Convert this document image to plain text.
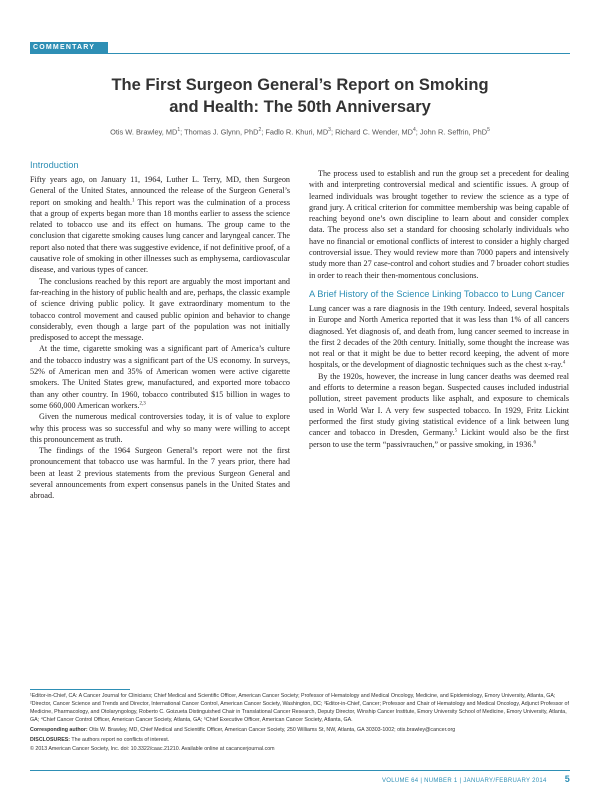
COMMENTARY
The First Surgeon General’s Report on Smoking
and Health: The 50th Anniversary
Otis W. Brawley, $MD^1$; Thomas J. Glynn, PhD$^2$; Fadlo R. Khuri, $MD^3$; Richard C. Wender, $MD^4$; John R. Seffrin, PhD$^5$
Introduction

Fifty years ago, on January 11, 1964, Luther L. Terry, MD, then Surgeon General of the United States, announced the release of the Surgeon General’s report on smoking and health.$^1$ This report was the culmination of a process that a group of experts began more than 18 months earlier to assess the science related to tobacco use and its effect on humans. The group came to the conclusion that cigarette smoking causes lung cancer and laryngeal cancer. The report also noted that there was suggestive evidence, if not definitive proof, of a causative role of smoking in other illnesses such as emphysema, cardiovascular disease, and various types of cancer.

The conclusions reached by this report are arguably the most important and far-reaching in the history of public health and are, perhaps, the classic example of science driving public policy. It gave extraordinary momentum to the tobacco control movement and caused public opinion and behavior to change considerably, even though a large part of the population was not initially predisposed to accept the message.

At the time, cigarette smoking was a significant part of America’s culture and the tobacco industry was a significant part of the US economy. In surveys, 52% of American men and 35% of American women were active cigarette smokers. The United States grew, manufactured, and exported more tobacco than any other country. In 1960, tobacco contributed $15 billion in wages to some 660,000 American workers.$^{2,3}$

Given the numerous medical controversies today, it is of value to explore why this process was so successful and why so many were willing to accept this pronouncement as truth.

The findings of the 1964 Surgeon General’s report were not the first pronouncement that tobacco use was harmful. In the 7 years prior, there had been at least 2 previous statements from the previous Surgeon General and several announcements from expert consensus panels in the United States and abroad.

The process used to establish and run the group set a precedent for dealing with and interpreting controversial medical and scientific issues. A group of learned individuals was brought together to review the science as a type of grand jury. A critical criterion for committee membership was being capable of reaching beyond one’s own discipline to learn about and consider complex data. The process also set a standard for choosing scholarly individuals who have no financial or emotional conflicts of interest to consider a highly charged controversial issue. They would review more than 7000 papers and intensively study more than 27 case-control and cohort studies and 7 broader cohort studies in order to reach their then-momentous conclusions.

A Brief History of the Science Linking Tobacco to Lung Cancer

Lung cancer was a rare diagnosis in the 19th century. Indeed, several hospitals in Europe and North America reported that it was less than 1% of all cancers diagnosed. Yet diagnosis of, and death from, lung cancer seemed to increase in the first 2 decades of the 20th century. Initially, some thought the increase was not real or that it might be due to better record keeping, the advent of more hospitals, or the development of diagnostic techniques such as the chest x-ray.$^4$

By the 1920s, however, the increase in lung cancer deaths was deemed real and efforts to determine a reason began. Suspected causes included industrial pollution, street pavement products like asphalt, and exposure to chemicals used in World War I. A very few suspected tobacco. In 1929, Fritz Lickint performed the first study giving statistical evidence of a link between lung cancer and tobacco in Dresden, Germany.$^5$ Lickint would also be the first person to use the term “passivrauchen,” or passive smoking, in 1936.$^6$

¹Editor-in-Chief, CA: A Cancer Journal for Clinicians; Chief Medical and Scientific Officer, American Cancer Society; Professor of Hematology and Medical Oncology, Medicine, and Epidemiology, Emory University, Atlanta, GA; ²Director, Cancer Science and Trends and Director, International Cancer Control, American Cancer Society, Washington, DC; ³Editor-in-Chief, Cancer; Professor and Chair of Hematology and Medical Oncology, Adjunct Professor of Medicine, Pharmacology, and Otolaryngology, Roberto C. Goizueta Distinguished Chair in Translational Cancer Research, Deputy Director, Winship Cancer Institute, Emory University School of Medicine, Emory University, Atlanta, GA; ⁴Chief Cancer Control Officer, American Cancer Society, Atlanta, GA; ⁵Chief Executive Officer, American Cancer Society, Atlanta, GA.

Corresponding author: Otis W. Brawley, MD, Chief Medical and Scientific Officer, American Cancer Society, 250 Williams St, NW, Atlanta, GA 30303-1002; otis.brawley@cancer.org

DISCLOSURES: The authors report no conflicts of interest.

© 2013 American Cancer Society, Inc. doi: 10.3322/caac.21210. Available online at cacancerjournal.com

VOLUME 64 | NUMBER 1 | JANUARY/FEBRUARY 2014 5
